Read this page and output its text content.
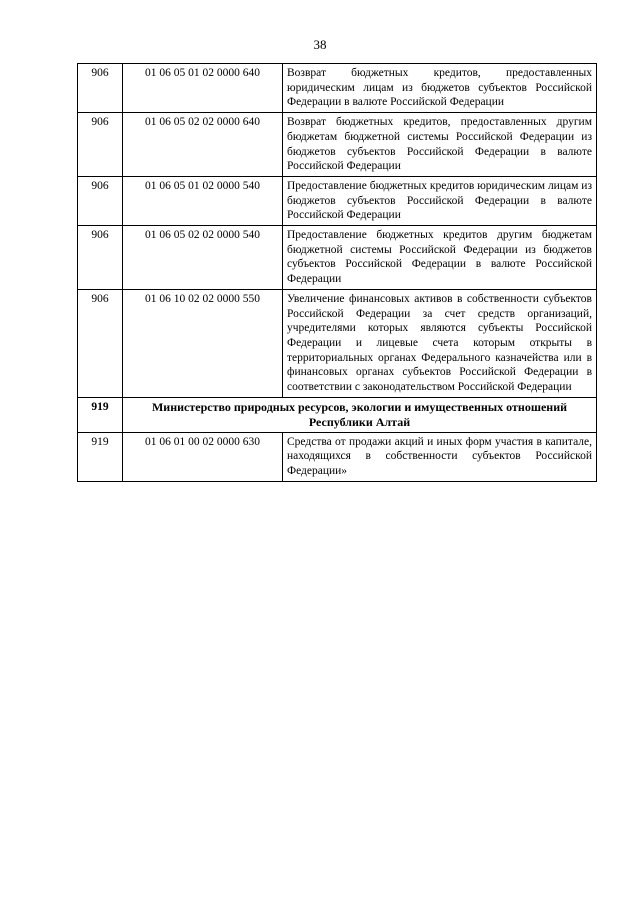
38
906	01 06 05 01 02 0000 640	Возврат бюджетных кредитов, предоставленных юридическим лицам из бюджетов субъектов Российской Федерации в валюте Российской Федерации
906	01 06 05 02 02 0000 640	Возврат бюджетных кредитов, предоставленных другим бюджетам бюджетной системы Российской Федерации из бюджетов субъектов Российской Федерации в валюте Российской Федерации
906	01 06 05 01 02 0000 540	Предоставление бюджетных кредитов юридическим лицам из бюджетов субъектов Российской Федерации в валюте Российской Федерации
906	01 06 05 02 02 0000 540	Предоставление бюджетных кредитов другим бюджетам бюджетной системы Российской Федерации из бюджетов субъектов Российской Федерации в валюте Российской Федерации
906	01 06 10 02 02 0000 550	Увеличение финансовых активов в собственности субъектов Российской Федерации за счет средств организаций, учредителями которых являются субъекты Российской Федерации и лицевые счета которым открыты в территориальных органах Федерального казначейства или в финансовых органах субъектов Российской Федерации в соответствии с законодательством Российской Федерации
919	Министерство природных ресурсов, экологии и имущественных отношений Республики Алтай	
919	01 06 01 00 02 0000 630	Средства от продажи акций и иных форм участия в капитале, находящихся в собственности субъектов Российской Федерации»
